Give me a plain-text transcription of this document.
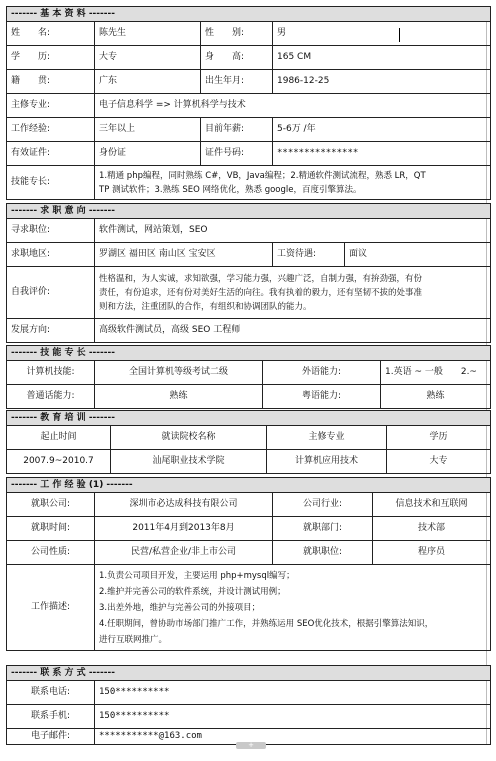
------- 基 本 资 料 -------			
姓　　名:	陈先生	性　　别:	男
学　　历:	大专	身　　高:	165 CM
籍　　贯:	广东	出生年月:	1986-12-25
主修专业:	电子信息科学 => 计算机科学与技术		
工作经验:	三年以上	目前年薪:	5-6万 /年
有效证件:	身份证	证件号码:	***************
技能专长:	1.精通 php编程，同时熟练 C#，VB，Java编程；2.精通软件测试流程，熟悉 LR，QT
TP 测试软件；3.熟练 SEO 网络优化，熟悉 google，百度引擎算法。		
------- 求 职 意 向 -------			
寻求职位:	软件测试，网站策划，SEO		
求职地区:	罗湖区 福田区 南山区 宝安区	工资待遇:	面议
自我评价:	性格温和，为人实诚，求知欲强，学习能力强，兴趣广泛，自制力强，有拚劲强，有份
责任，有份追求，还有份对美好生活的向往。我有执着的毅力，还有坚韧不拔的处事准
则和方法，注重团队的合作，有组织和协调团队的能力。		

发展方向:	高级软件测试员，高级 SEO 工程师		
------- 技 能 专 长 -------			
计算机技能:	全国计算机等级考试二级	外语能力:	1.英语 ~ 一般　　2.~
普通话能力:	熟练	粤语能力:	熟练
------- 教 育 培 训 -------			
起止时间	就读院校名称	主修专业	学历
2007.9~2010.7	汕尾职业技术学院	计算机应用技术	大专
------- 工 作 经 验 (1) -------			
就职公司:	深圳市必达成科技有限公司	公司行业:	信息技术和互联网
就职时间:	2011年4月到2013年8月	就职部门:	技术部
公司性质:	民营/私营企业/非上市公司	就职职位:	程序员
工作描述:	1.负责公司项目开发，主要运用 php+mysql编写；
2.维护并完善公司的软件系统，并设计测试用例；
3.出差外地，维护与完善公司的外接项目；
4.任职期间，曾协助市场部门推广工作，并熟练运用 SEO优化技术，根据引擎算法知识，
进行互联网推广。		
------- 联 系 方 式 -------	
联系电话:	150**********
联系手机:	150**********
电子邮件:	***********@163.com
+
